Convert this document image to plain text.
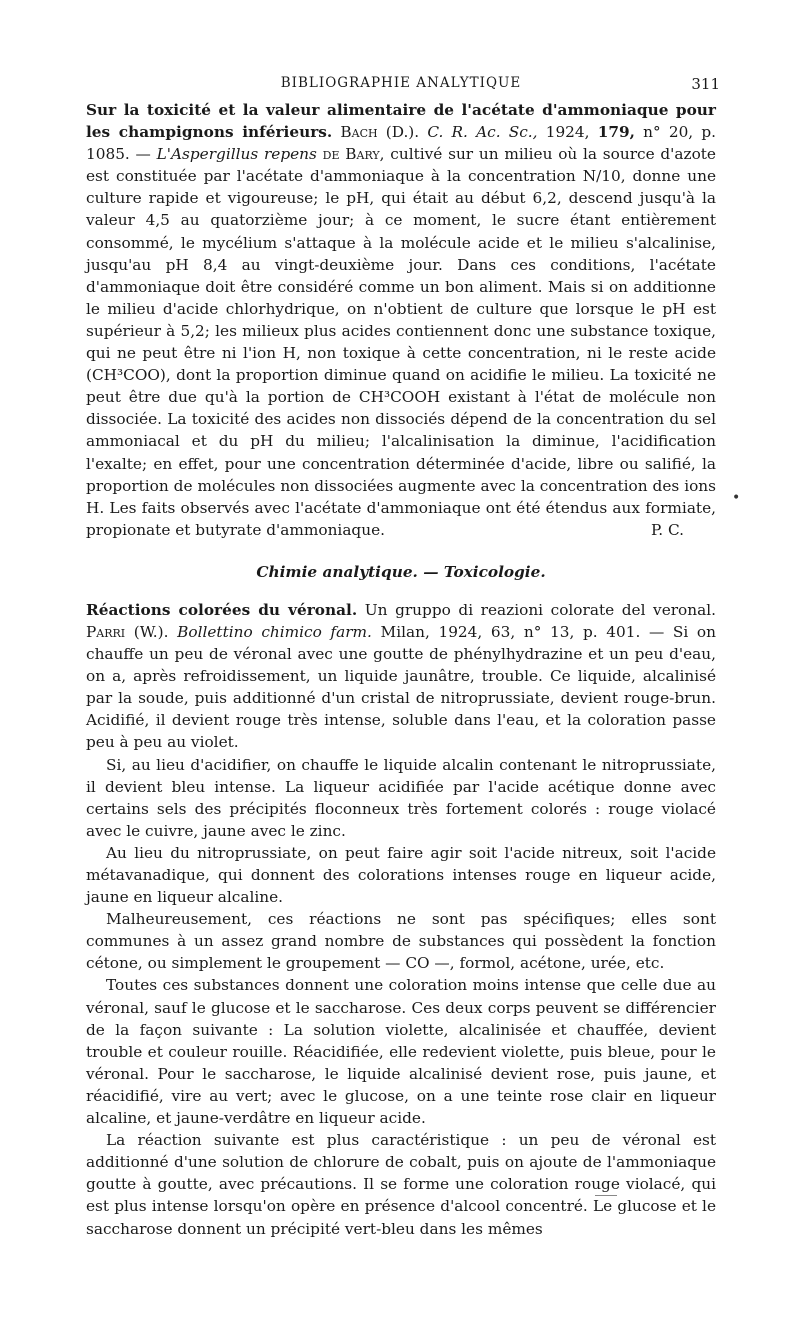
BIBLIOGRAPHIE ANALYTIQUE	311

Sur la toxicité et la valeur alimentaire de l'acétate d'ammoniaque pour les champignons inférieurs. Bach (D.). C. R. Ac. Sc., 1924, 179, n° 20, p. 1085. — L'Aspergillus repens de Bary, cultivé sur un milieu où la source d'azote est constituée par l'acétate d'ammoniaque à la concentration N/10, donne une culture rapide et vigoureuse; le pH, qui était au début 6,2, descend jusqu'à la valeur 4,5 au quatorzième jour; à ce moment, le sucre étant entièrement consommé, le mycélium s'attaque à la molécule acide et le milieu s'alcalinise, jusqu'au pH 8,4 au vingt-deuxième jour. Dans ces conditions, l'acétate d'ammoniaque doit être considéré comme un bon aliment. Mais si on additionne le milieu d'acide chlorhydrique, on n'obtient de culture que lorsque le pH est supérieur à 5,2; les milieux plus acides contiennent donc une substance toxique, qui ne peut être ni l'ion H, non toxique à cette concentration, ni le reste acide (CH³COO), dont la proportion diminue quand on acidifie le milieu. La toxicité ne peut être due qu'à la portion de CH³COOH existant à l'état de molécule non dissociée. La toxicité des acides non dissociés dépend de la concentration du sel ammoniacal et du pH du milieu; l'alcalinisation la diminue, l'acidification l'exalte; en effet, pour une concentration déterminée d'acide, libre ou salifié, la proportion de molécules non dissociées augmente avec la concentration des ions H. Les faits observés avec l'acétate d'ammoniaque ont été étendus aux formiate, propionate et butyrate d'ammoniaque.	P. C.

Chimie analytique. — Toxicologie.

Réactions colorées du véronal. Un gruppo di reazioni colorate del veronal. Parri (W.). Bollettino chimico farm. Milan, 1924, 63, n° 13, p. 401. — Si on chauffe un peu de véronal avec une goutte de phénylhydrazine et un peu d'eau, on a, après refroidissement, un liquide jaunâtre, trouble. Ce liquide, alcalinisé par la soude, puis additionné d'un cristal de nitroprussiate, devient rouge-brun. Acidifié, il devient rouge très intense, soluble dans l'eau, et la coloration passe peu à peu au violet.

Si, au lieu d'acidifier, on chauffe le liquide alcalin contenant le nitroprussiate, il devient bleu intense. La liqueur acidifiée par l'acide acétique donne avec certains sels des précipités floconneux très fortement colorés : rouge violacé avec le cuivre, jaune avec le zinc.

Au lieu du nitroprussiate, on peut faire agir soit l'acide nitreux, soit l'acide métavanadique, qui donnent des colorations intenses rouge en liqueur acide, jaune en liqueur alcaline.

Malheureusement, ces réactions ne sont pas spécifiques; elles sont communes à un assez grand nombre de substances qui possèdent la fonction cétone, ou simplement le groupement — CO —, formol, acétone, urée, etc.

Toutes ces substances donnent une coloration moins intense que celle due au véronal, sauf le glucose et le saccharose. Ces deux corps peuvent se différencier de la façon suivante : La solution violette, alcalinisée et chauffée, devient trouble et couleur rouille. Réacidifiée, elle redevient violette, puis bleue, pour le véronal. Pour le saccharose, le liquide alcalinisé devient rose, puis jaune, et réacidifié, vire au vert; avec le glucose, on a une teinte rose clair en liqueur alcaline, et jaune-verdâtre en liqueur acide.

La réaction suivante est plus caractéristique : un peu de véronal est additionné d'une solution de chlorure de cobalt, puis on ajoute de l'ammoniaque goutte à goutte, avec précautions. Il se forme une coloration rouge violacé, qui est plus intense lorsqu'on opère en présence d'alcool concentré. Le glucose et le saccharose donnent un précipité vert-bleu dans les mêmes

•
